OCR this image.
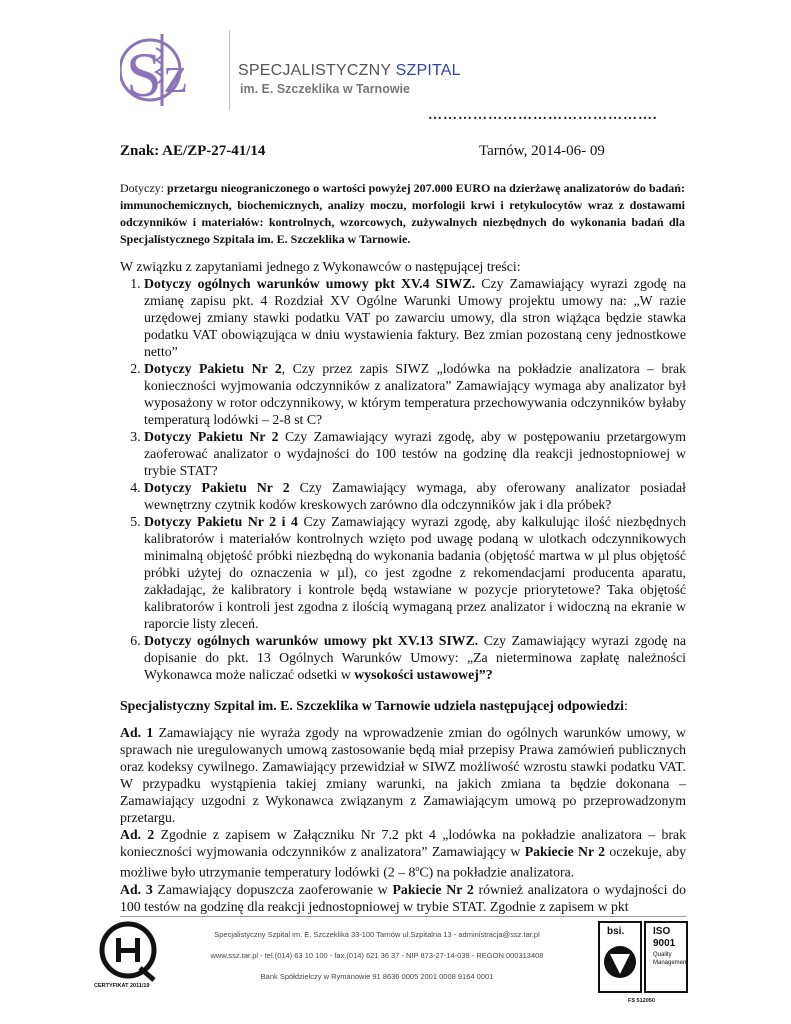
S z	SPECJALISTYCZNY SZPITAL
im. E. Szczeklika w Tarnowie
……………………………………….
Znak: AE/ZP-27-41/14	Tarnów, 2014-06- 09
Dotyczy: przetargu nieograniczonego o wartości powyżej 207.000 EURO na dzierżawę analizatorów do badań: immunochemicznych, biochemicznych, analizy moczu, morfologii krwi i retykulocytów wraz z dostawami odczynników i materiałów: kontrolnych, wzorcowych, zużywalnych niezbędnych do wykonania badań dla Specjalistycznego Szpitala im. E. Szczeklika w Tarnowie.

W związku z zapytaniami jednego z Wykonawców o następującej treści:

1. Dotyczy ogólnych warunków umowy pkt XV.4 SIWZ. Czy Zamawiający wyrazi zgodę na zmianę zapisu pkt. 4 Rozdział XV Ogólne Warunki Umowy projektu umowy na: „W razie urzędowej zmiany stawki podatku VAT po zawarciu umowy, dla stron wiążąca będzie stawka podatku VAT obowiązująca w dniu wystawienia faktury. Bez zmian pozostaną ceny jednostkowe netto”
2. Dotyczy Pakietu Nr 2, Czy przez zapis SIWZ „lodówka na pokładzie analizatora – brak konieczności wyjmowania odczynników z analizatora” Zamawiający wymaga aby analizator był wyposażony w rotor odczynnikowy, w którym temperatura przechowywania odczynników byłaby temperaturą lodówki – 2-8 st C?
3. Dotyczy Pakietu Nr 2 Czy Zamawiający wyrazi zgodę, aby w postępowaniu przetargowym zaoferować analizator o wydajności do 100 testów na godzinę dla reakcji jednostopniowej w trybie STAT?
4. Dotyczy Pakietu Nr 2 Czy Zamawiający wymaga, aby oferowany analizator posiadał wewnętrzny czytnik kodów kreskowych zarówno dla odczynników jak i dla próbek?
5. Dotyczy Pakietu Nr 2 i 4 Czy Zamawiający wyrazi zgodę, aby kalkulując ilość niezbędnych kalibratorów i materiałów kontrolnych wzięto pod uwagę podaną w ulotkach odczynnikowych minimalną objętość próbki niezbędną do wykonania badania (objętość martwa w µl plus objętość próbki użytej do oznaczenia w µl), co jest zgodne z rekomendacjami producenta aparatu, zakładając, że kalibratory i kontrole będą wstawiane w pozycje priorytetowe? Taka objętość kalibratorów i kontroli jest zgodna z ilością wymaganą przez analizator i widoczną na ekranie w raporcie listy zleceń.
6. Dotyczy ogólnych warunków umowy pkt XV.13 SIWZ. Czy Zamawiający wyrazi zgodę na dopisanie do pkt. 13 Ogólnych Warunków Umowy: „Za nieterminowa zapłatę należności Wykonawca może naliczać odsetki w wysokości ustawowej”?

Specjalistyczny Szpital im. E. Szczeklika w Tarnowie udziela następującej odpowiedzi:

Ad. 1 Zamawiający nie wyraża zgody na wprowadzenie zmian do ogólnych warunków umowy, w sprawach nie uregulowanych umową zastosowanie będą miał przepisy Prawa zamówień publicznych oraz kodeksy cywilnego. Zamawiający przewidział w SIWZ możliwość wzrostu stawki podatku VAT. W przypadku wystąpienia takiej zmiany warunki, na jakich zmiana ta będzie dokonana – Zamawiający uzgodni z Wykonawca związanym z Zamawiającym umową po przeprowadzonym przetargu.

Ad. 2 Zgodnie z zapisem w Załączniku Nr 7.2 pkt 4 „lodówka na pokładzie analizatora – brak konieczności wyjmowania odczynników z analizatora” Zamawiający w Pakiecie Nr 2 oczekuje, aby możliwe było utrzymanie temperatury lodówki (2 – 8$^o$C) na pokładzie analizatora.

Ad. 3 Zamawiający dopuszcza zaoferowanie w Pakiecie Nr 2 również analizatora o wydajności do 100 testów na godzinę dla reakcji jednostopniowej w trybie STAT. Zgodnie z zapisem w pkt

CERTYFIKAT 2011/19
Specjalistyczny Szpital im. E. Szczeklika 33-100 Tarnów ul.Szpitalna 13 - administracja@ssz.tar.pl
www.ssz.tar.pl - tel.(014) 63 10 100 - fax.(014) 621 36 37 - NIP 873-27-14-039 - REGON 000313408
Bank Spółdzielczy w Rymanowie 91 8636 0005 2001 0008 9164 0001
bsi.	ISO
9001
Quality
Management
FS 512050
